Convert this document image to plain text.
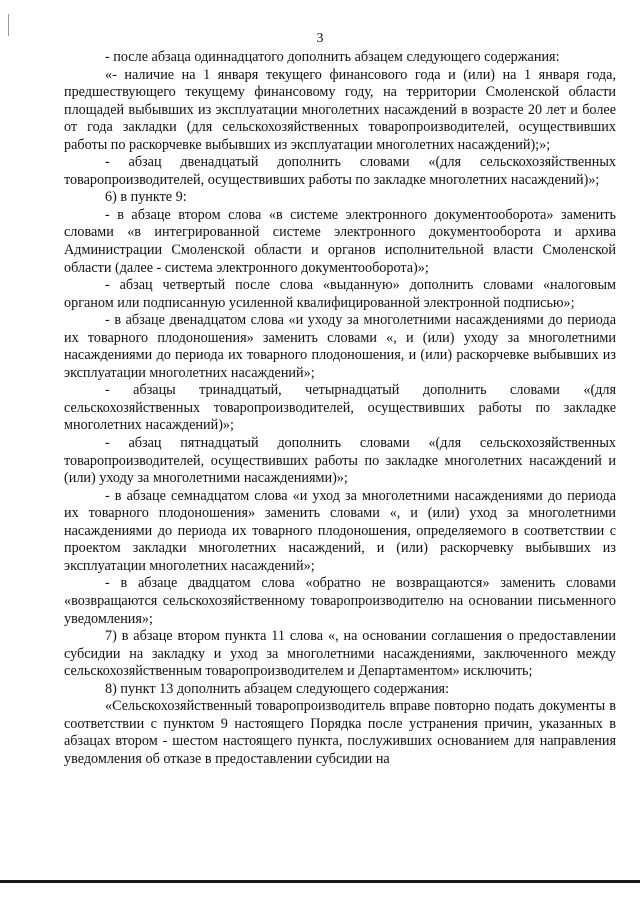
3

- после абзаца одиннадцатого дополнить абзацем следующего содержания:

«- наличие на 1 января текущего финансового года и (или) на 1 января года, предшествующего текущему финансовому году, на территории Смоленской области площадей выбывших из эксплуатации многолетних насаждений в возрасте 20 лет и более от года закладки (для сельскохозяйственных товаропроизводителей, осуществивших работы по раскорчевке выбывших из эксплуатации многолетних насаждений);»;

- абзац двенадцатый дополнить словами «(для сельскохозяйственных товаропроизводителей, осуществивших работы по закладке многолетних насаждений)»;

6) в пункте 9:

- в абзаце втором слова «в системе электронного документооборота» заменить словами «в интегрированной системе электронного документооборота и архива Администрации Смоленской области и органов исполнительной власти Смоленской области (далее - система электронного документооборота)»;

- абзац четвертый после слова «выданную» дополнить словами «налоговым органом или подписанную усиленной квалифицированной электронной подписью»;

- в абзаце двенадцатом слова «и уходу за многолетними насаждениями до периода их товарного плодоношения» заменить словами «, и (или) уходу за многолетними насаждениями до периода их товарного плодоношения, и (или) раскорчевке выбывших из эксплуатации многолетних насаждений»;

- абзацы тринадцатый, четырнадцатый дополнить словами «(для сельскохозяйственных товаропроизводителей, осуществивших работы по закладке многолетних насаждений)»;

- абзац пятнадцатый дополнить словами «(для сельскохозяйственных товаропроизводителей, осуществивших работы по закладке многолетних насаждений и (или) уходу за многолетними насаждениями)»;

- в абзаце семнадцатом слова «и уход за многолетними насаждениями до периода их товарного плодоношения» заменить словами «, и (или) уход за многолетними насаждениями до периода их товарного плодоношения, определяемого в соответствии с проектом закладки многолетних насаждений, и (или) раскорчевку выбывших из эксплуатации многолетних насаждений»;

- в абзаце двадцатом слова «обратно не возвращаются» заменить словами «возвращаются сельскохозяйственному товаропроизводителю на основании письменного уведомления»;

7) в абзаце втором пункта 11 слова «, на основании соглашения о предоставлении субсидии на закладку и уход за многолетними насаждениями, заключенного между сельскохозяйственным товаропроизводителем и Департаментом» исключить;

8) пункт 13 дополнить абзацем следующего содержания:

«Сельскохозяйственный товаропроизводитель вправе повторно подать документы в соответствии с пунктом 9 настоящего Порядка после устранения причин, указанных в абзацах втором - шестом настоящего пункта, послуживших основанием для направления уведомления об отказе в предоставлении субсидии на
